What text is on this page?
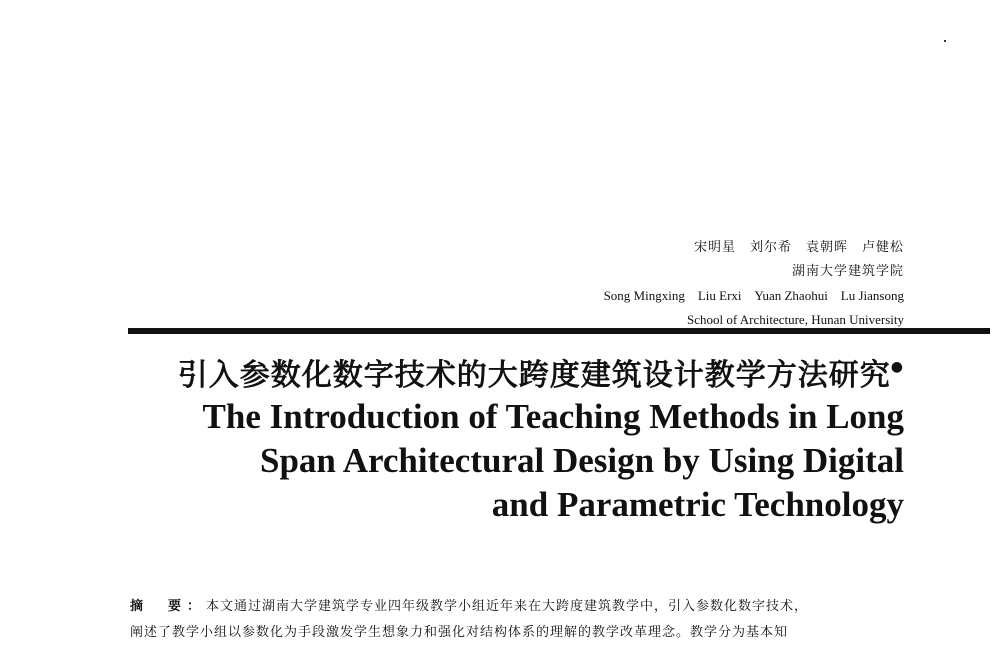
宋明星　刘尔希　袁朝晖　卢健松
湖南大学建筑学院
Song Mingxing　Liu Erxi　Yuan Zhaohui　Lu Jiansong
School of Architecture, Hunan University
引入参数化数字技术的大跨度建筑设计教学方法研究●
The Introduction of Teaching Methods in Long
Span Architectural Design by Using Digital
and Parametric Technology
摘　要：本文通过湖南大学建筑学专业四年级教学小组近年来在大跨度建筑教学中，引入参数化数字技术，
阐述了教学小组以参数化为手段激发学生想象力和强化对结构体系的理解的教学改革理念。教学分为基本知
